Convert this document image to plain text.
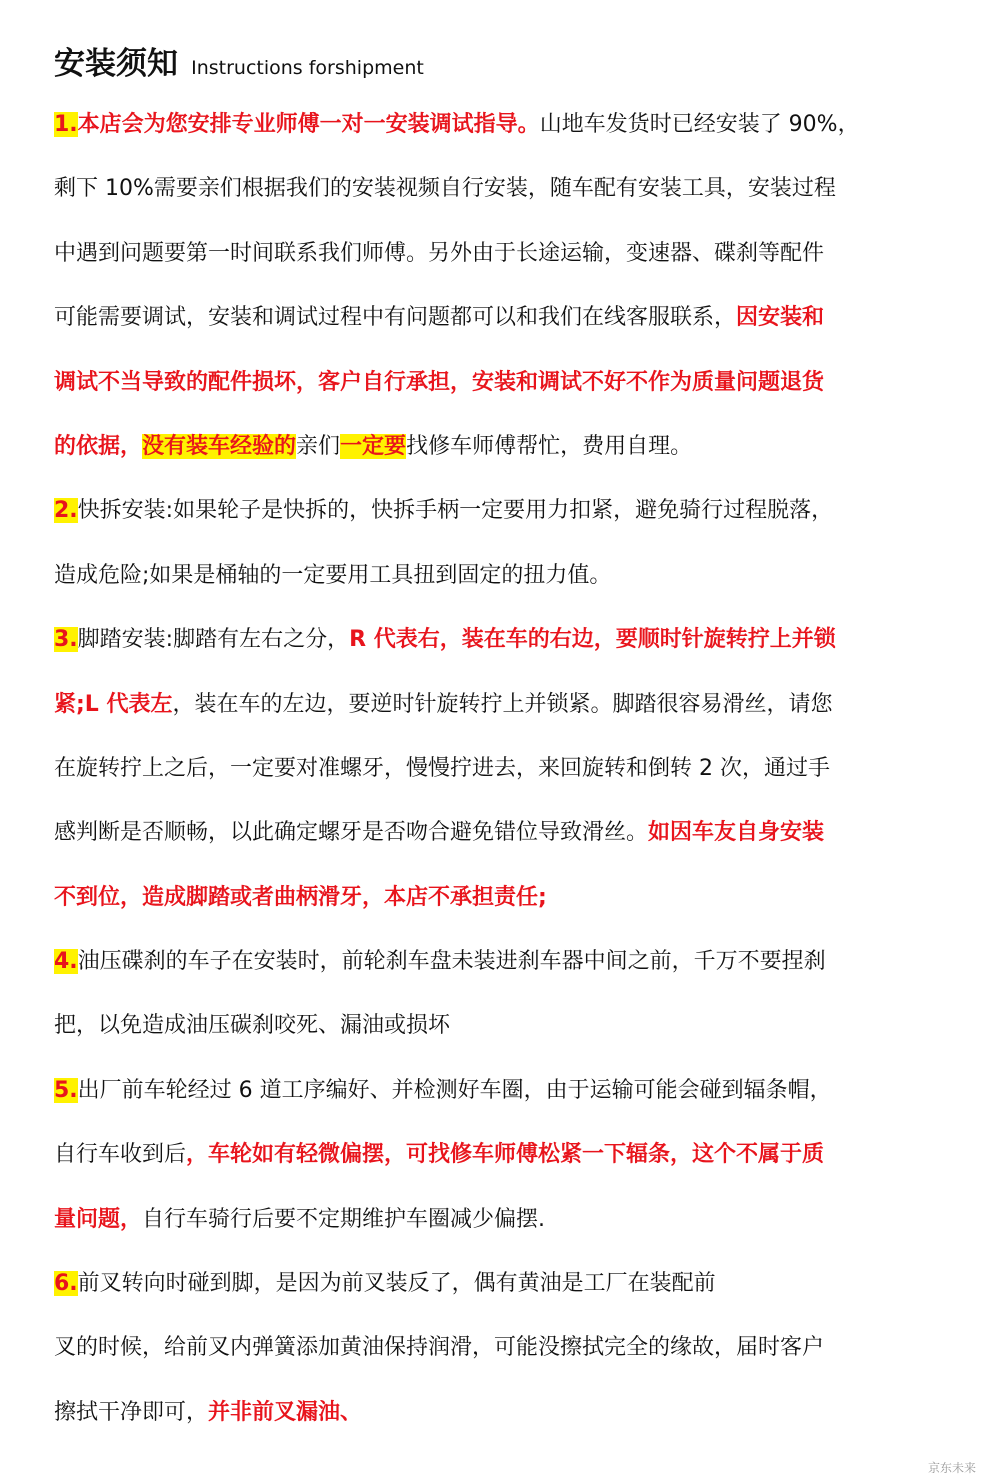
安装须知 Instructions forshipment
1.本店会为您安排专业师傅一对一安装调试指导。山地车发货时已经安装了 90%，
剩下 10%需要亲们根据我们的安装视频自行安装，随车配有安装工具，安装过程
中遇到问题要第一时间联系我们师傅。另外由于长途运输，变速器、碟刹等配件
可能需要调试，安装和调试过程中有问题都可以和我们在线客服联系，因安装和
调试不当导致的配件损坏，客户自行承担，安装和调试不好不作为质量问题退货
的依据，没有装车经验的亲们一定要找修车师傅帮忙，费用自理。
2.快拆安装:如果轮子是快拆的，快拆手柄一定要用力扣紧，避免骑行过程脱落，
造成危险;如果是桶轴的一定要用工具扭到固定的扭力值。
3.脚踏安装:脚踏有左右之分，R 代表右，装在车的右边，要顺时针旋转拧上并锁
紧;L 代表左，装在车的左边，要逆时针旋转拧上并锁紧。脚踏很容易滑丝，请您
在旋转拧上之后，一定要对准螺牙，慢慢拧进去，来回旋转和倒转 2 次，通过手
感判断是否顺畅，以此确定螺牙是否吻合避免错位导致滑丝。如因车友自身安装
不到位，造成脚踏或者曲柄滑牙，本店不承担责任;
4.油压碟刹的车子在安装时，前轮刹车盘未装进刹车器中间之前，千万不要捏刹
把，以免造成油压碳刹咬死、漏油或损坏
5.出厂前车轮经过 6 道工序编好、并检测好车圈，由于运输可能会碰到辐条帽，
自行车收到后，车轮如有轻微偏摆，可找修车师傅松紧一下辐条，这个不属于质
量问题，自行车骑行后要不定期维护车圈减少偏摆.
6.前叉转向时碰到脚，是因为前叉装反了，偶有黄油是工厂在装配前
叉的时候，给前叉内弹簧添加黄油保持润滑，可能没擦拭完全的缘故，届时客户
擦拭干净即可，并非前叉漏油、
京东未来
